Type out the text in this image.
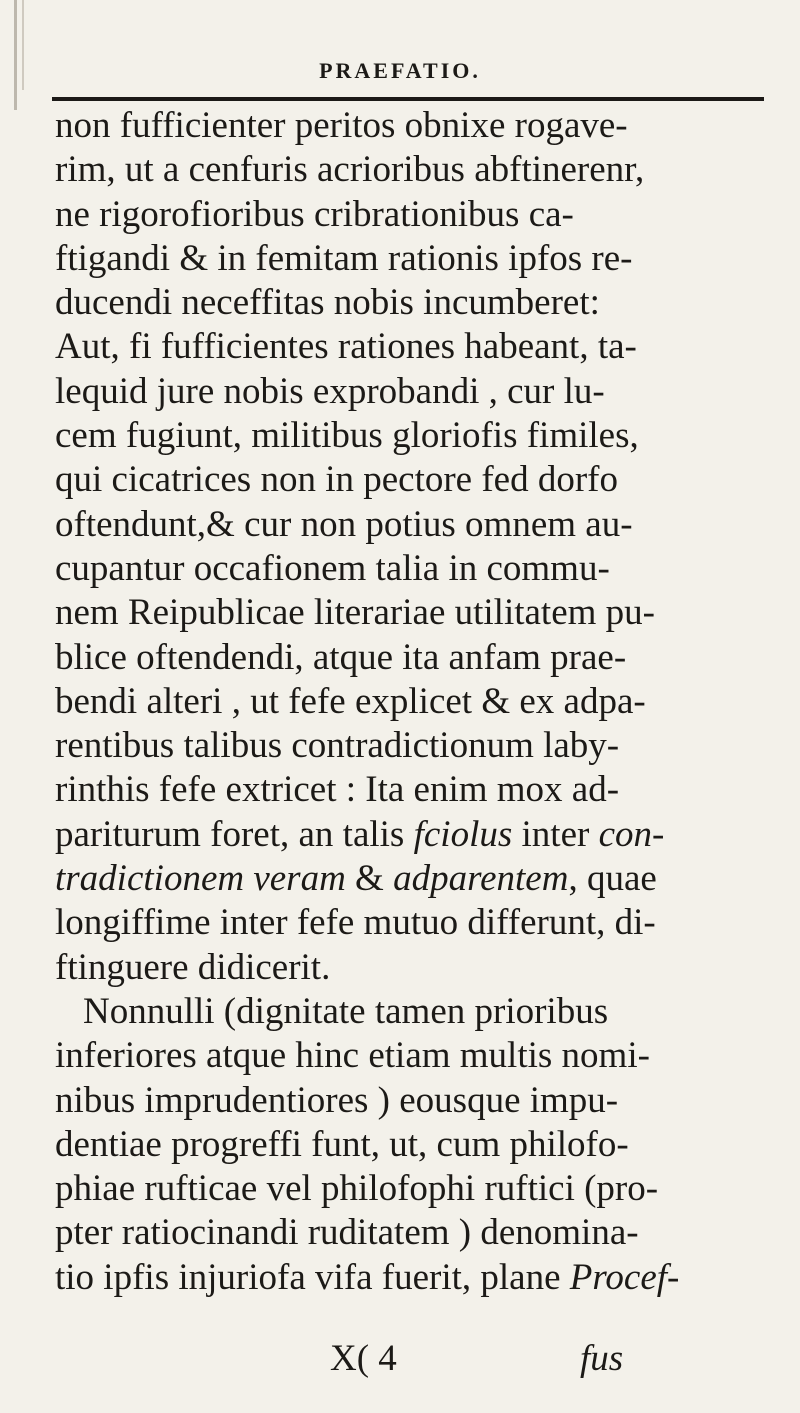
PRAEFATIO.
non fufficienter peritos obnixe rogave-
rim, ut a cenfuris acrioribus abftinerenr,
ne rigorofioribus cribrationibus ca-
ftigandi & in femitam rationis ipfos re-
ducendi neceffitas nobis incumberet:
Aut, fi fufficientes rationes habeant, ta-
lequid jure nobis exprobandi , cur lu-
cem fugiunt, militibus gloriofis fimiles,
qui cicatrices non in pectore fed dorfo
oftendunt,& cur non potius omnem au-
cupantur occafionem talia in commu-
nem Reipublicae literariae utilitatem pu-
blice oftendendi, atque ita anfam prae-
bendi alteri , ut fefe explicet & ex adpa-
rentibus talibus contradictionum laby-
rinthis fefe extricet : Ita enim mox ad-
pariturum foret, an talis fciolus inter con-
tradictionem veram & adparentem, quae
longiffime inter fefe mutuo differunt, di-
ftinguere didicerit.
Nonnulli (dignitate tamen prioribus
inferiores atque hinc etiam multis nomi-
nibus imprudentiores ) eousque impu-
dentiae progreffi funt, ut, cum philofo-
phiae rufticae vel philofophi ruftici (pro-
pter ratiocinandi ruditatem ) denomina-
tio ipfis injuriofa vifa fuerit, plane Procef-
X( 4	fus
